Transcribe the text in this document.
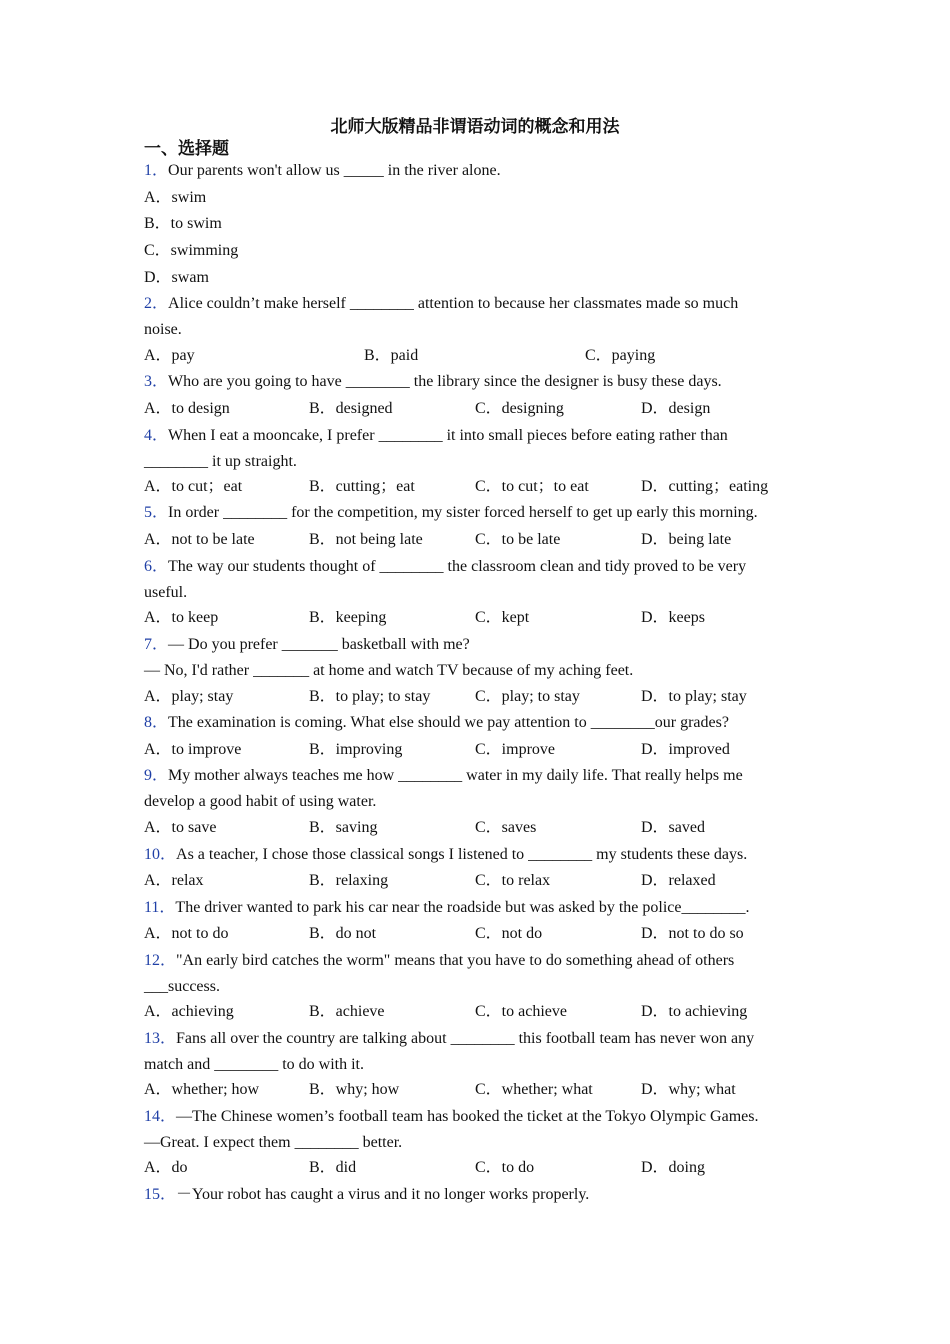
北师大版精品非谓语动词的概念和用法
一、选择题
1．Our parents won't allow us _____ in the river alone.
A．swim
B．to swim
C．swimming
D．swam
2．Alice couldn’t make herself ________ attention to because her classmates made so much
noise.
A．pay	B．paid	C．paying
3．Who are you going to have ________ the library since the designer is busy these days.
A．to design	B．designed	C．designing	D．design
4．When I eat a mooncake, I prefer ________ it into small pieces before eating rather than
________ it up straight.
A．to cut；eat	B．cutting；eat	C．to cut；to eat	D．cutting；eating
5．In order ________ for the competition, my sister forced herself to get up early this morning.
A．not to be late	B．not being late	C．to be late	D．being late
6．The way our students thought of ________ the classroom clean and tidy proved to be very
useful.
A．to keep	B．keeping	C．kept	D．keeps
7．— Do you prefer _______ basketball with me?
— No, I'd rather _______ at home and watch TV because of my aching feet.
A．play; stay	B．to play; to stay	C．play; to stay	D．to play; stay
8．The examination is coming. What else should we pay attention to ________our grades?
A．to improve	B．improving	C．improve	D．improved
9．My mother always teaches me how ________ water in my daily life. That really helps me
develop a good habit of using water.
A．to save	B．saving	C．saves	D．saved
10．As a teacher, I chose those classical songs I listened to ________ my students these days.
A．relax	B．relaxing	C．to relax	D．relaxed
11．The driver wanted to park his car near the roadside but was asked by the police________.
A．not to do	B．do not	C．not do	D．not to do so
12．"An early bird catches the worm" means that you have to do something ahead of others
___success.
A．achieving	B．achieve	C．to achieve	D．to achieving
13．Fans all over the country are talking about ________ this football team has never won any
match and ________ to do with it.
A．whether; how	B．why; how	C．whether; what	D．why; what
14．—The Chinese women’s football team has booked the ticket at the Tokyo Olympic Games.
—Great. I expect them ________ better.
A．do	B．did	C．to do	D．doing
15．－Your robot has caught a virus and it no longer works properly.
